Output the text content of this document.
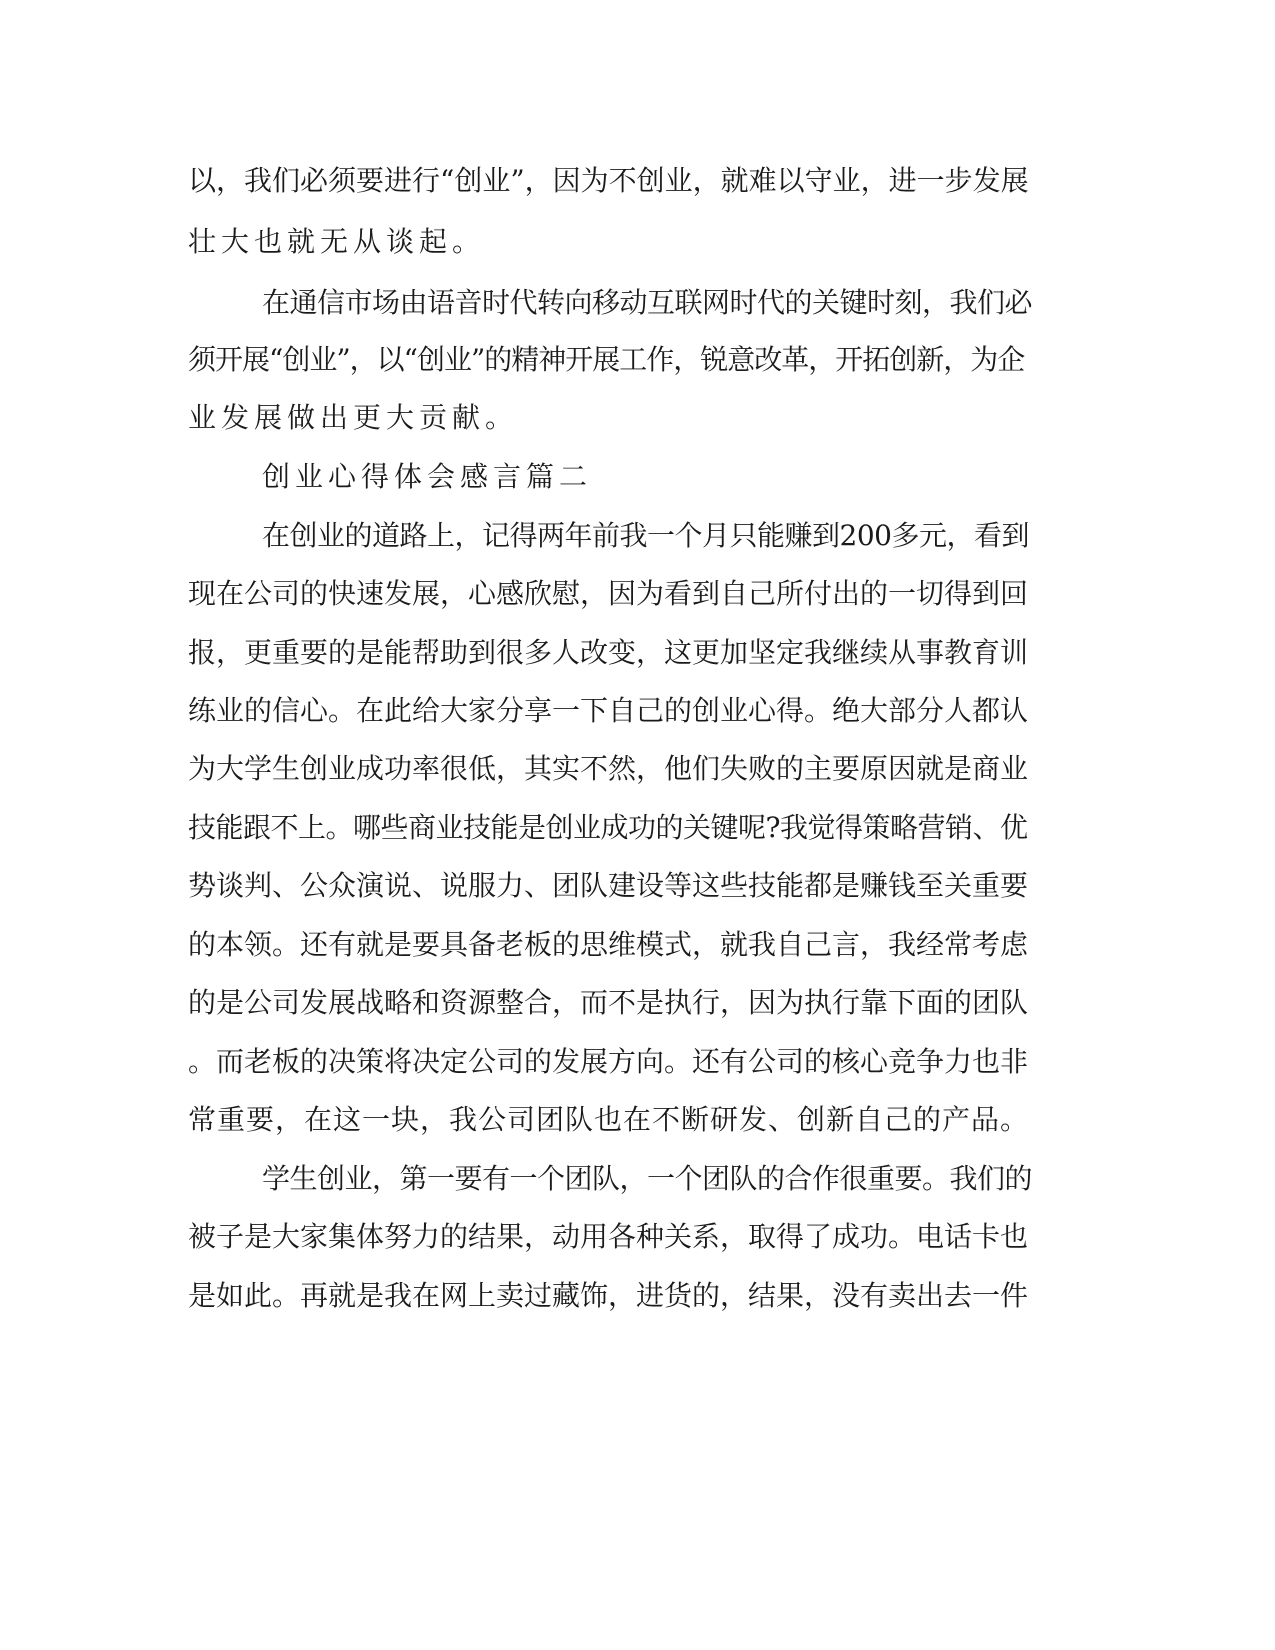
以，我们必须要进行“创业”，因为不创业，就难以守业，进一步发展
壮大也就无从谈起。
在通信市场由语音时代转向移动互联网时代的关键时刻，我们必
须开展“创业”，以“创业”的精神开展工作，锐意改革，开拓创新，为企
业发展做出更大贡献。
创业心得体会感言篇二
在创业的道路上，记得两年前我一个月只能赚到200多元，看到
现在公司的快速发展，心感欣慰，因为看到自己所付出的一切得到回
报，更重要的是能帮助到很多人改变，这更加坚定我继续从事教育训
练业的信心。在此给大家分享一下自己的创业心得。绝大部分人都认
为大学生创业成功率很低，其实不然，他们失败的主要原因就是商业
技能跟不上。哪些商业技能是创业成功的关键呢?我觉得策略营销、优
势谈判、公众演说、说服力、团队建设等这些技能都是赚钱至关重要
的本领。还有就是要具备老板的思维模式，就我自己言，我经常考虑
的是公司发展战略和资源整合，而不是执行，因为执行靠下面的团队
。而老板的决策将决定公司的发展方向。还有公司的核心竞争力也非
常重要，在这一块，我公司团队也在不断研发、创新自己的产品。
学生创业，第一要有一个团队，一个团队的合作很重要。我们的
被子是大家集体努力的结果，动用各种关系，取得了成功。电话卡也
是如此。再就是我在网上卖过藏饰，进货的，结果，没有卖出去一件
